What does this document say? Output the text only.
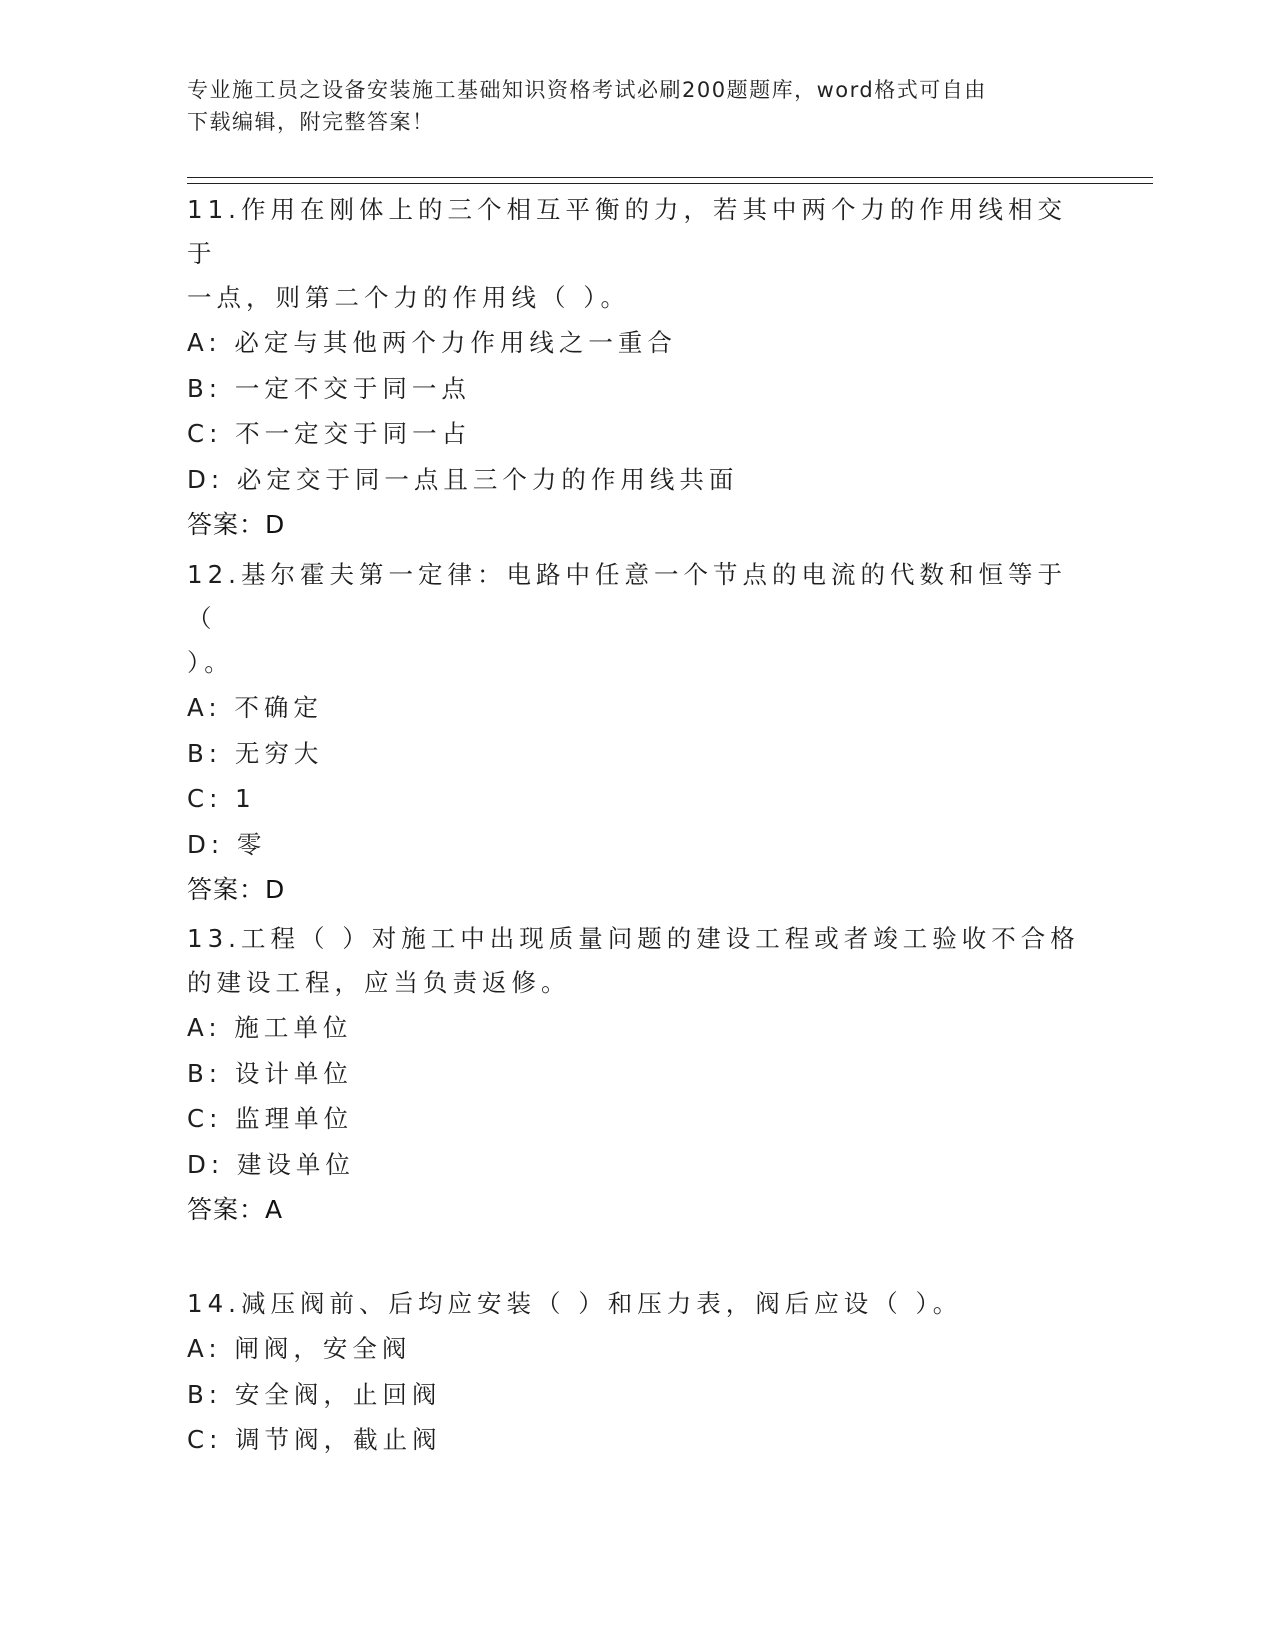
专业施工员之设备安装施工基础知识资格考试必刷200题题库，word格式可自由
下载编辑，附完整答案！

11.作用在刚体上的三个相互平衡的力，若其中两个力的作用线相交于

一点，则第二个力的作用线（ ）。

A: 必定与其他两个力作用线之一重合

B: 一定不交于同一点

C: 不一定交于同一占

D: 必定交于同一点且三个力的作用线共面

答案：D

12.基尔霍夫第一定律：电路中任意一个节点的电流的代数和恒等于（

）。

A: 不确定

B: 无穷大

C: 1

D: 零

答案：D

13.工程（ ）对施工中出现质量问题的建设工程或者竣工验收不合格

的建设工程，应当负责返修。

A: 施工单位

B: 设计单位

C: 监理单位

D: 建设单位

答案：A

14.减压阀前、后均应安装（ ）和压力表，阀后应设（ ）。

A: 闸阀，安全阀

B: 安全阀，止回阀

C: 调节阀，截止阀
